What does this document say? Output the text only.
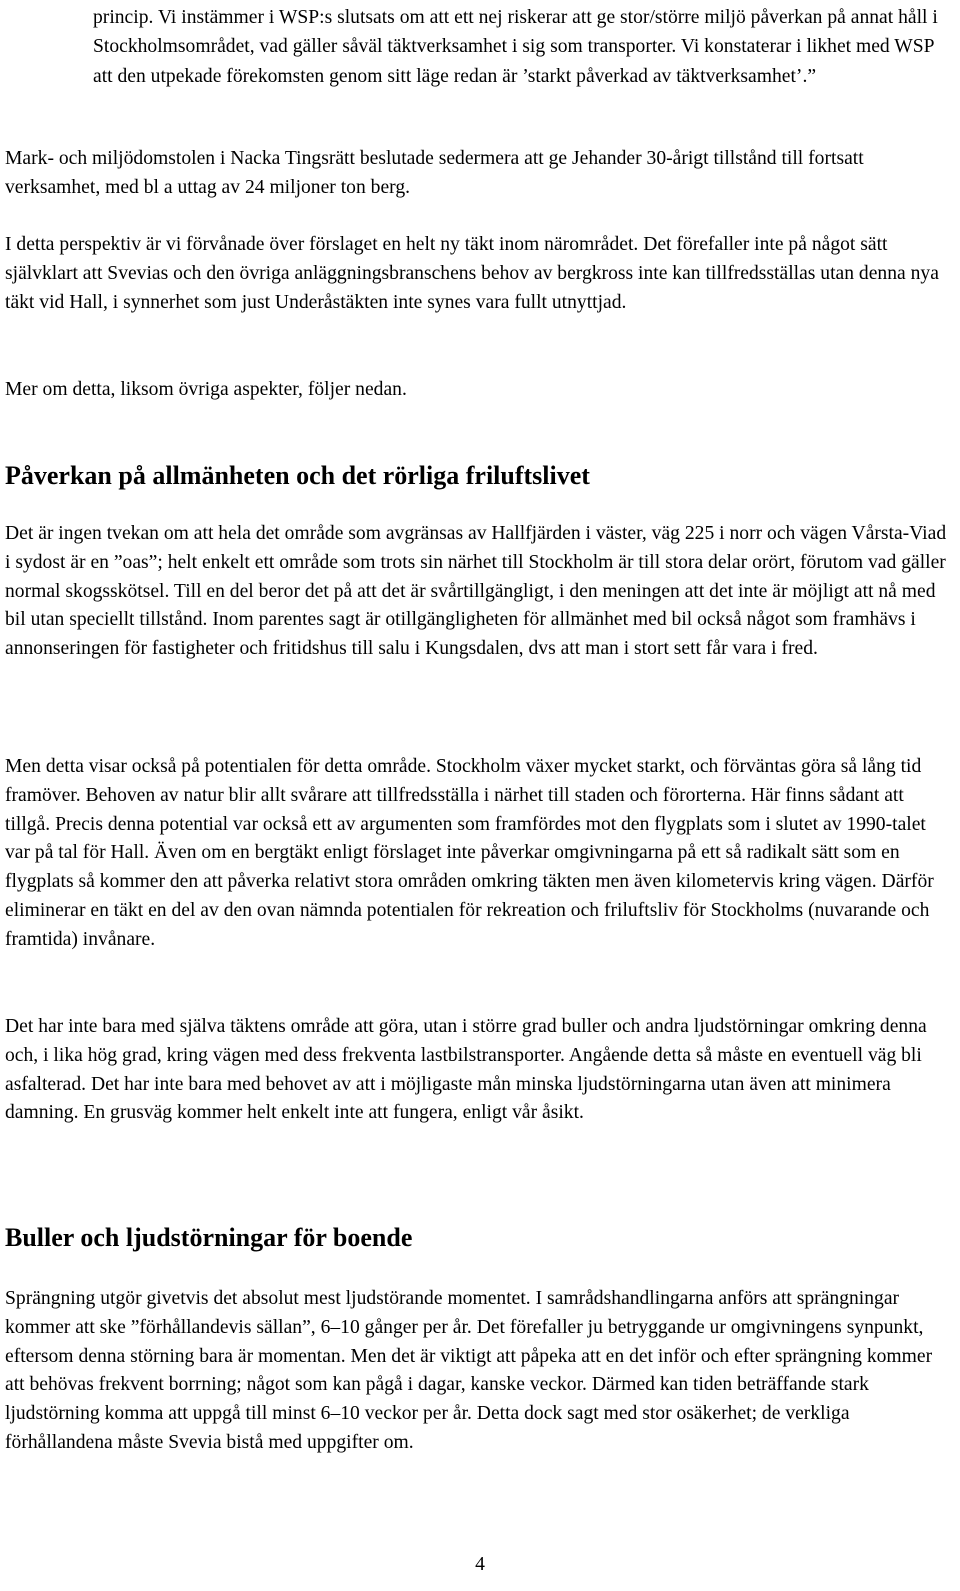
princip. Vi instämmer i WSP:s slutsats om att ett nej riskerar att ge stor/större miljö påverkan på annat håll i Stockholmsområdet, vad gäller såväl täktverksamhet i sig som transporter. Vi konstaterar i likhet med WSP att den utpekade förekomsten genom sitt läge redan är ’starkt påverkad av täktverksamhet’.”

Mark- och miljödomstolen i Nacka Tingsrätt beslutade sedermera att ge Jehander 30-årigt tillstånd till fortsatt verksamhet, med bl a uttag av 24 miljoner ton berg.

I detta perspektiv är vi förvånade över förslaget en helt ny täkt inom närområdet. Det förefaller inte på något sätt självklart att Svevias och den övriga anläggningsbranschens behov av bergkross inte kan tillfredsställas utan denna nya täkt vid Hall, i synnerhet som just Underåstäkten inte synes vara fullt utnyttjad.

Mer om detta, liksom övriga aspekter, följer nedan.

Påverkan på allmänheten och det rörliga friluftslivet

Det är ingen tvekan om att hela det område som avgränsas av Hallfjärden i väster, väg 225 i norr och vägen Vårsta-Viad i sydost är en ”oas”; helt enkelt ett område som trots sin närhet till Stockholm är till stora delar orört, förutom vad gäller normal skogsskötsel. Till en del beror det på att det är svårtillgängligt, i den meningen att det inte är möjligt att nå med bil utan speciellt tillstånd. Inom parentes sagt är otillgängligheten för allmänhet med bil också något som framhävs i annonseringen för fastigheter och fritidshus till salu i Kungsdalen, dvs att man i stort sett får vara i fred.

Men detta visar också på potentialen för detta område. Stockholm växer mycket starkt, och förväntas göra så lång tid framöver. Behoven av natur blir allt svårare att tillfredsställa i närhet till staden och förorterna. Här finns sådant att tillgå. Precis denna potential var också ett av argumenten som framfördes mot den flygplats som i slutet av 1990-talet var på tal för Hall. Även om en bergtäkt enligt förslaget inte påverkar omgivningarna på ett så radikalt sätt som en flygplats så kommer den att påverka relativt stora områden omkring täkten men även kilometervis kring vägen. Därför eliminerar en täkt en del av den ovan nämnda potentialen för rekreation och friluftsliv för Stockholms (nuvarande och framtida) invånare.

Det har inte bara med själva täktens område att göra, utan i större grad buller och andra ljudstörningar omkring denna och, i lika hög grad, kring vägen med dess frekventa lastbilstransporter. Angående detta så måste en eventuell väg bli asfalterad. Det har inte bara med behovet av att i möjligaste mån minska ljudstörningarna utan även att minimera damning. En grusväg kommer helt enkelt inte att fungera, enligt vår åsikt.

Buller och ljudstörningar för boende

Sprängning utgör givetvis det absolut mest ljudstörande momentet. I samrådshandlingarna anförs att sprängningar kommer att ske ”förhållandevis sällan”, 6–10 gånger per år. Det förefaller ju betryggande ur omgivningens synpunkt, eftersom denna störning bara är momentan. Men det är viktigt att påpeka att en det inför och efter sprängning kommer att behövas frekvent borrning; något som kan pågå i dagar, kanske veckor. Därmed kan tiden beträffande stark ljudstörning komma att uppgå till minst 6–10 veckor per år. Detta dock sagt med stor osäkerhet; de verkliga förhållandena måste Svevia bistå med uppgifter om.

4
